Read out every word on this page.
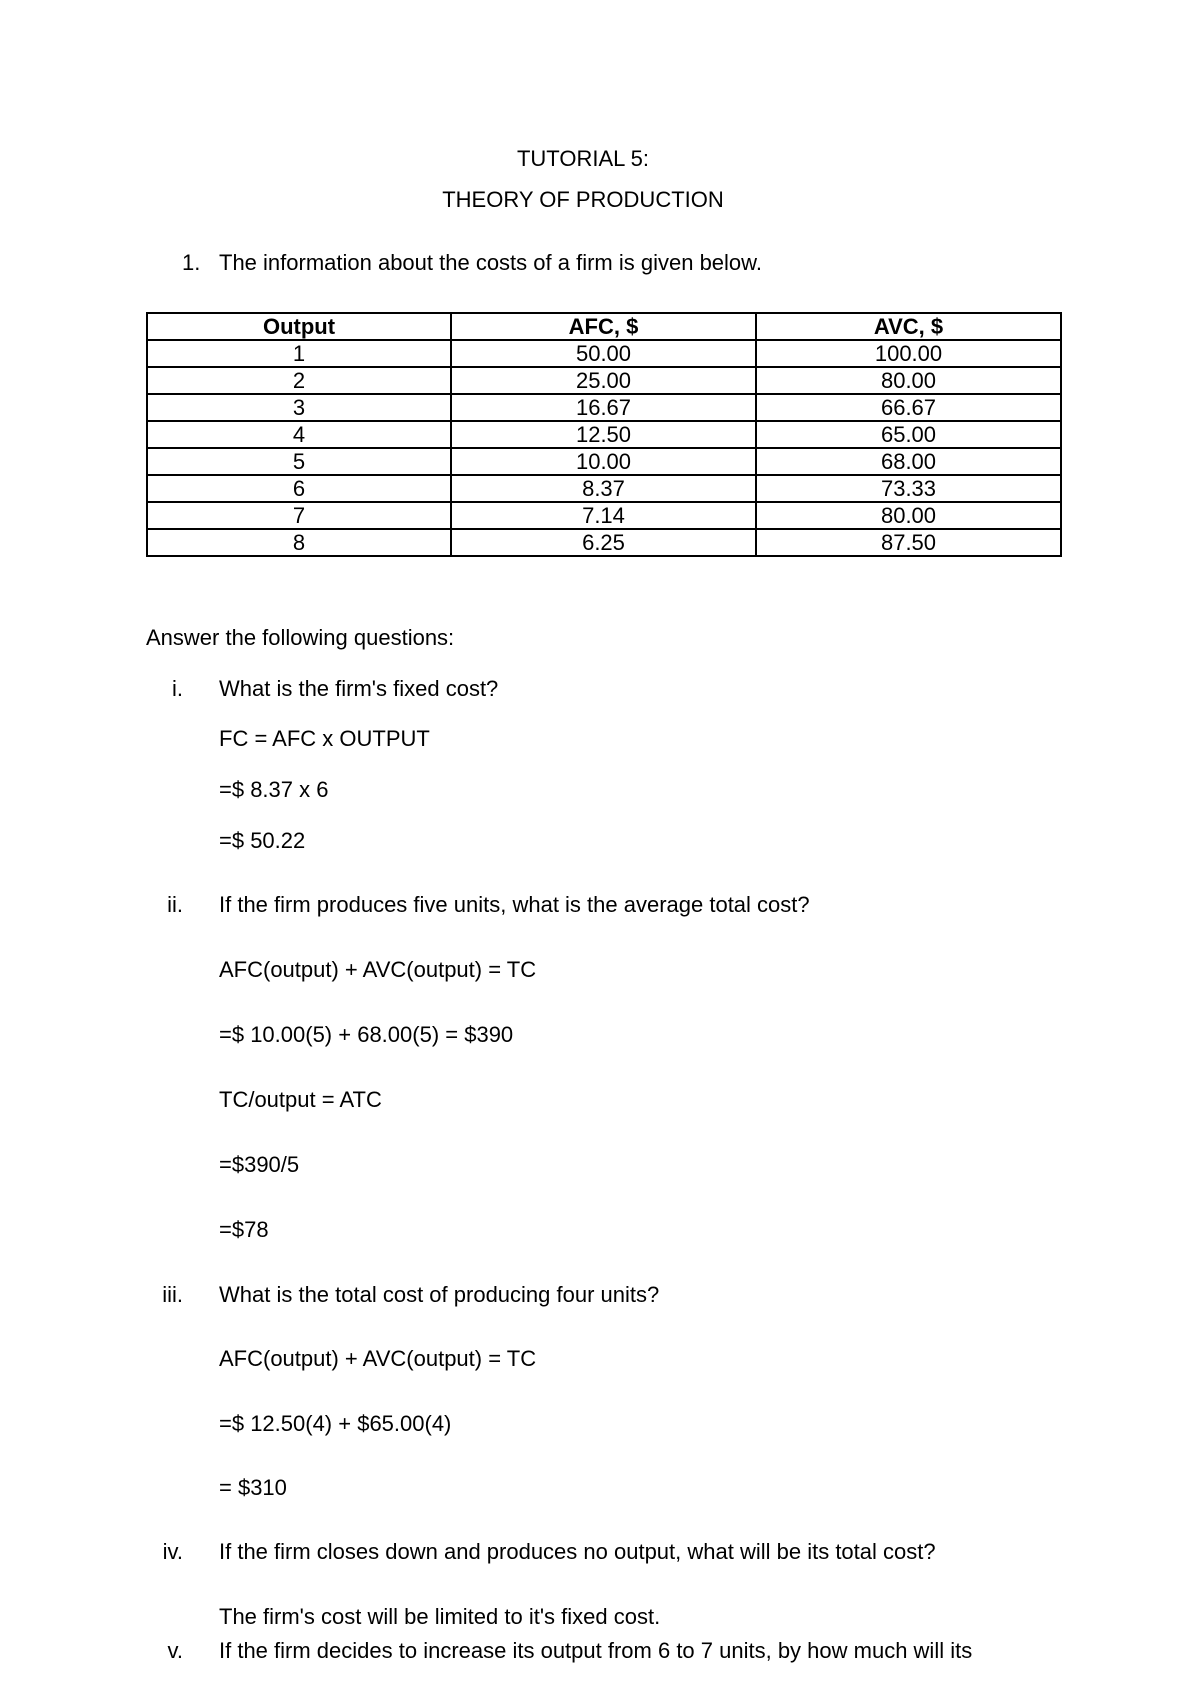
TUTORIAL 5:
THEORY OF PRODUCTION
1. The information about the costs of a firm is given below.
Output	AFC, $	AVC, $
1	50.00	100.00
2	25.00	80.00
3	16.67	66.67
4	12.50	65.00
5	10.00	68.00
6	8.37	73.33
7	7.14	80.00
8	6.25	87.50
Answer the following questions:
i. What is the firm's fixed cost?
FC = AFC x OUTPUT
=$ 8.37 x 6
=$ 50.22
ii. If the firm produces five units, what is the average total cost?
AFC(output) + AVC(output) = TC
=$ 10.00(5) + 68.00(5) = $390
TC/output = ATC
=$390/5
=$78
iii. What is the total cost of producing four units?
AFC(output) + AVC(output) = TC
=$ 12.50(4) + $65.00(4)
= $310
iv. If the firm closes down and produces no output, what will be its total cost?
The firm's cost will be limited to it's fixed cost.
v. If the firm decides to increase its output from 6 to 7 units, by how much will its
